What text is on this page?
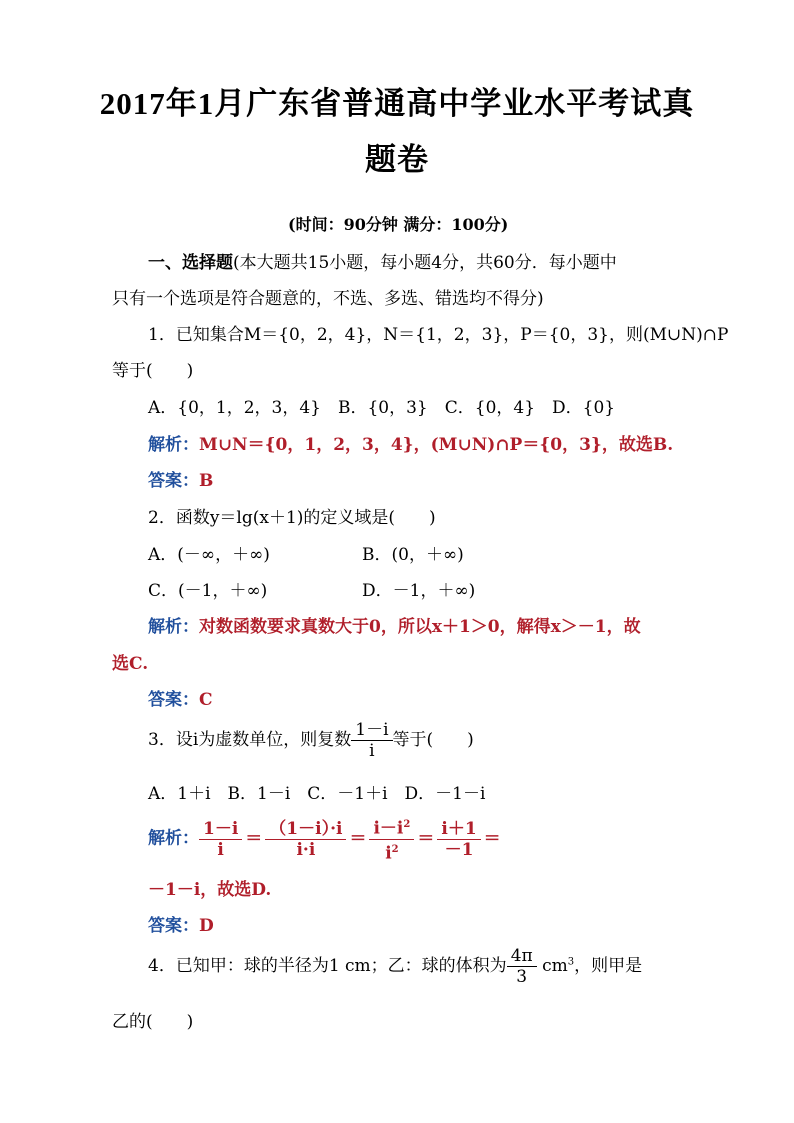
2017年1月广东省普通高中学业水平考试真
题卷
(时间：90分钟 满分：100分)
一、选择题(本大题共15小题，每小题4分，共60分．每小题中
只有一个选项是符合题意的，不选、多选、错选均不得分)
1．已知集合M＝{0，2，4}，N＝{1，2，3}，P＝{0，3}，则(M∪N)∩P
等于(　　)
A．{0，1，2，3，4}　B．{0，3}　C．{0，4}　D．{0}
解析：M∪N＝{0，1，2，3，4}，(M∪N)∩P＝{0，3}，故选B.
答案：B
2．函数y＝lg(x＋1)的定义域是(　　)
A．(－∞，＋∞)	B．(0，＋∞)
C．(－1，＋∞)	D．－1，＋∞)
解析：对数函数要求真数大于0，所以x＋1＞0，解得x＞－1，故
选C.
答案：C
3．设i为虚数单位，则复数 $\frac{1-i}{i}$ 等于(　　)
A．1＋i　B．1－i　C．－1＋i　D．－1－i
解析： $\frac{1-i}{i} = \frac{(1-i)\cdot i}{i\cdot i} = \frac{i-i^2}{i^2} = \frac{i+1}{-1}$ ＝
－1－i，故选D.
答案：D
4．已知甲：球的半径为1 cm；乙：球的体积为 $\frac{4\pi}{3} cm^3$，则甲是
乙的(　　)
